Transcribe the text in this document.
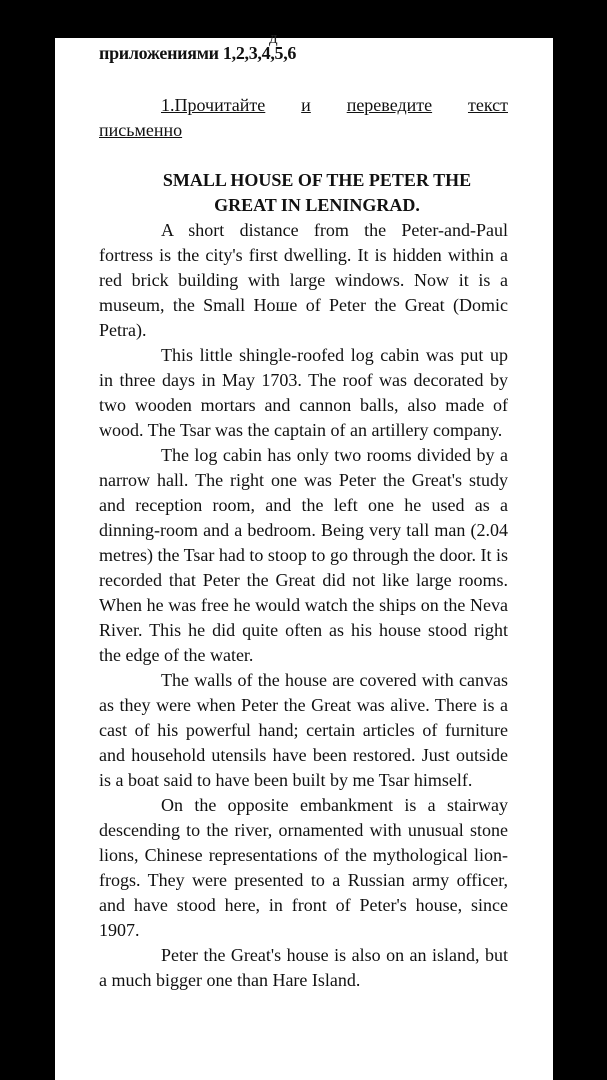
д
приложениями 1,2,3,4,5,6
1.Прочитайте и переведите текст
письменно
SMALL HOUSE OF THE PETER THE
GREAT IN LENINGRAD.

A short distance from the Peter-and-Paul fortress is the city's first dwelling. It is hidden within a red brick building with large windows. Now it is a museum, the Small Hoшe of Peter the Great (Domic Petra).

This little shingle-roofed log cabin was put up in three days in May 1703. The roof was decorated by two wooden mortars and cannon balls, also made of wood. The Tsar was the captain of an artillery company.

The log cabin has only two rooms divided by a narrow hall. The right one was Peter the Great's study and reception room, and the left one he used as a dinning-room and a bedroom. Being very tall man (2.04 metres) the Tsar had to stoop to go through the door. It is recorded that Peter the Great did not like large rooms. When he was free he would watch the ships on the Neva River. This he did quite often as his house stood right the edge of the water.

The walls of the house are covered with canvas as they were when Peter the Great was alive. There is a cast of his powerful hand; certain articles of furniture and household utensils have been restored. Just outside is a boat said to have been built by me Tsar himself.

On the opposite embankment is a stairway descending to the river, ornamented with unusual stone lions, Chinese representations of the mythological lion-frogs. They were presented to a Russian army officer, and have stood here, in front of Peter's house, since 1907.

Peter the Great's house is also on an island, but a much bigger one than Hare Island.
